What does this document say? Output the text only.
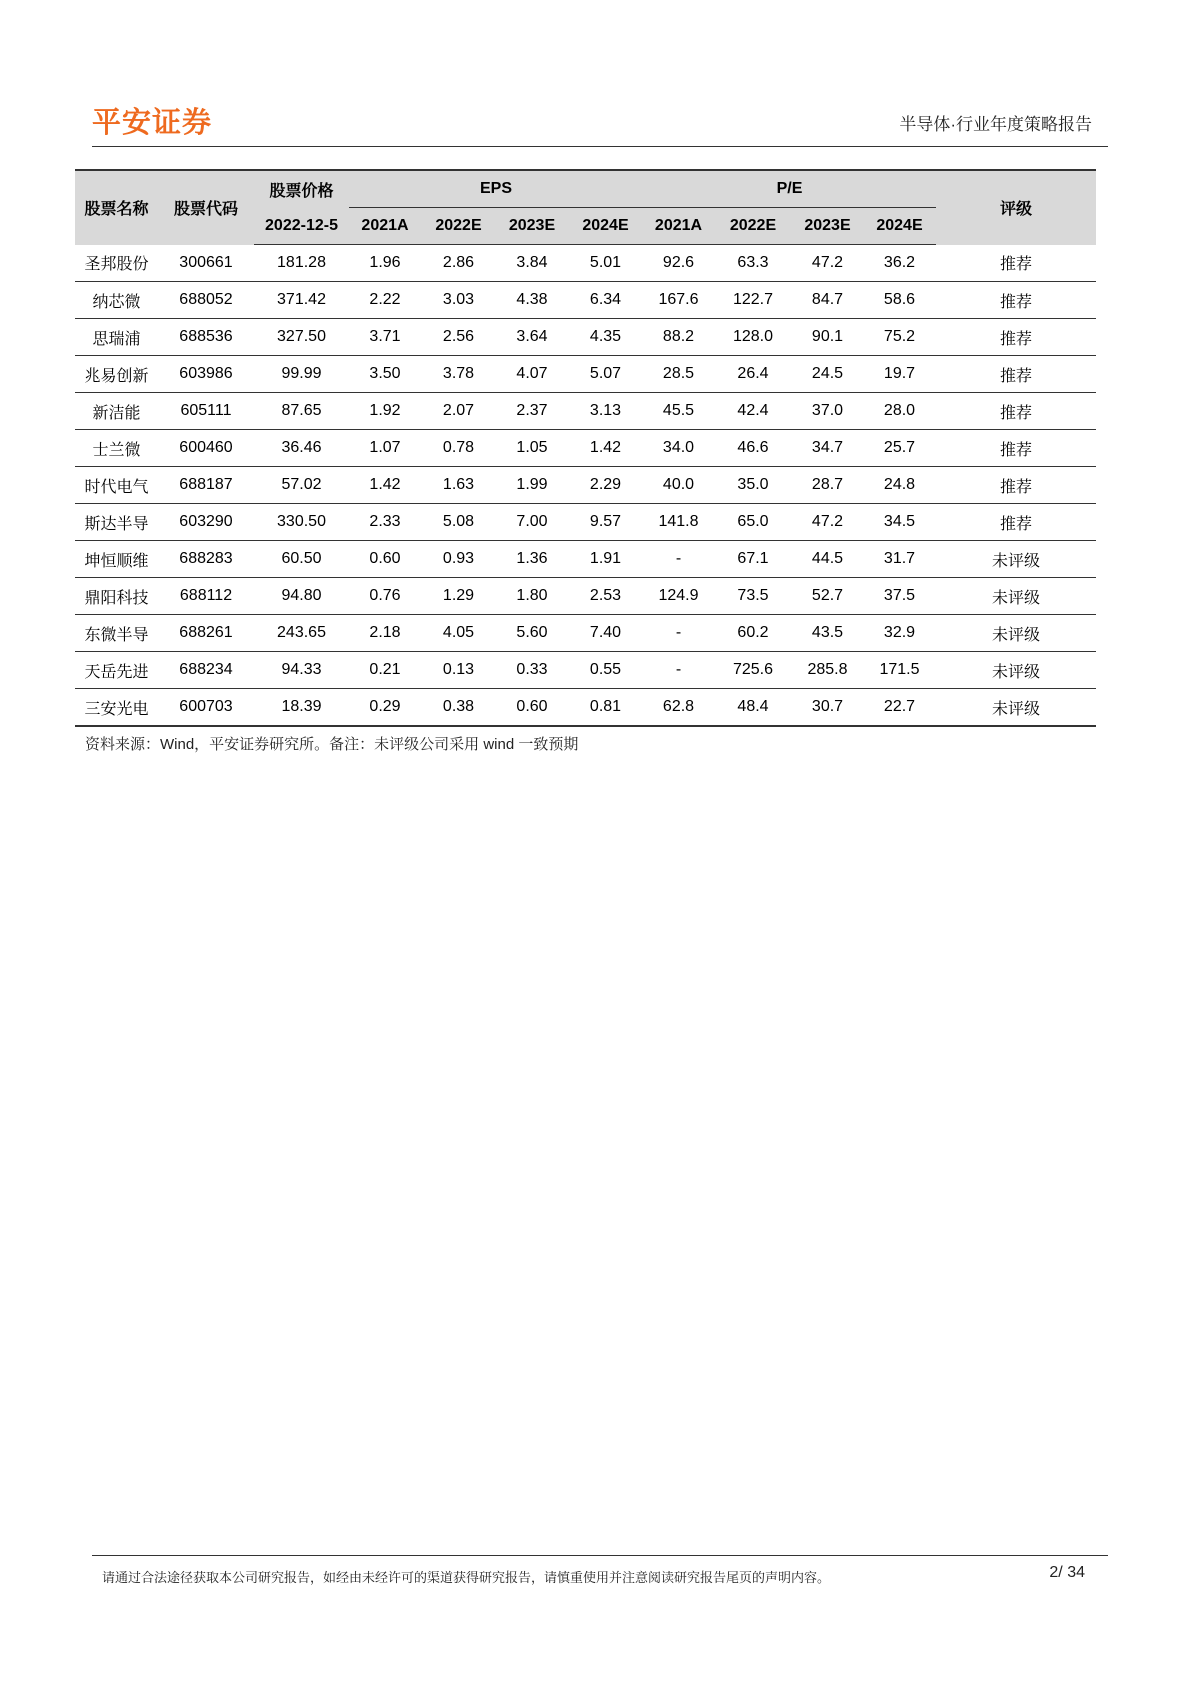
平安证券	半导体·行业年度策略报告
股票名称	股票代码	股票价格	EPS				P/E				评级
		2022-12-5	2021A	2022E	2023E	2024E	2021A	2022E	2023E	2024E	
圣邦股份	300661	181.28	1.96	2.86	3.84	5.01	92.6	63.3	47.2	36.2	推荐
纳芯微	688052	371.42	2.22	3.03	4.38	6.34	167.6	122.7	84.7	58.6	推荐
思瑞浦	688536	327.50	3.71	2.56	3.64	4.35	88.2	128.0	90.1	75.2	推荐
兆易创新	603986	99.99	3.50	3.78	4.07	5.07	28.5	26.4	24.5	19.7	推荐
新洁能	605111	87.65	1.92	2.07	2.37	3.13	45.5	42.4	37.0	28.0	推荐
士兰微	600460	36.46	1.07	0.78	1.05	1.42	34.0	46.6	34.7	25.7	推荐
时代电气	688187	57.02	1.42	1.63	1.99	2.29	40.0	35.0	28.7	24.8	推荐
斯达半导	603290	330.50	2.33	5.08	7.00	9.57	141.8	65.0	47.2	34.5	推荐
坤恒顺维	688283	60.50	0.60	0.93	1.36	1.91	-	67.1	44.5	31.7	未评级
鼎阳科技	688112	94.80	0.76	1.29	1.80	2.53	124.9	73.5	52.7	37.5	未评级
东微半导	688261	243.65	2.18	4.05	5.60	7.40	-	60.2	43.5	32.9	未评级
天岳先进	688234	94.33	0.21	0.13	0.33	0.55	-	725.6	285.8	171.5	未评级
三安光电	600703	18.39	0.29	0.38	0.60	0.81	62.8	48.4	30.7	22.7	未评级
资料来源：Wind，平安证券研究所。备注：未评级公司采用 wind 一致预期
请通过合法途径获取本公司研究报告，如经由未经许可的渠道获得研究报告，请慎重使用并注意阅读研究报告尾页的声明内容。	2/ 34
